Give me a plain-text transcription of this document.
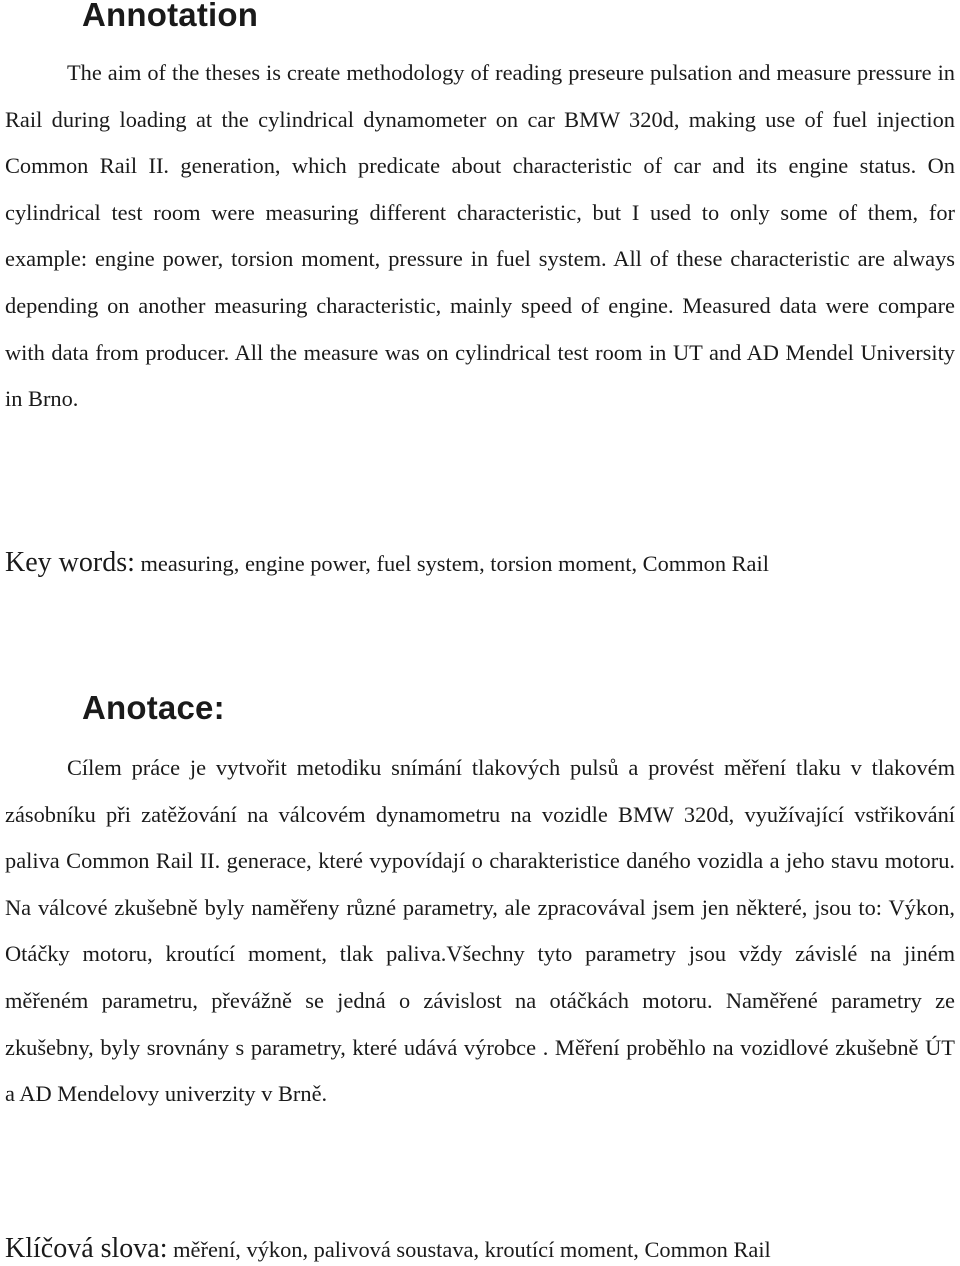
Annotation

The aim of the theses is create methodology of reading preseure pulsation and measure pressure in Rail during loading at the cylindrical dynamometer on car BMW 320d, making use of fuel injection Common Rail II. generation, which predicate about characteristic of car and its engine status. On cylindrical test room were measuring different characteristic, but I used to only some of them, for example: engine power, torsion moment, pressure in fuel system. All of these characteristic are always depending on another measuring characteristic, mainly speed of engine. Measured data were compare with data from producer. All the measure was on cylindrical test room in UT and AD Mendel University in Brno.

Key words: measuring, engine power, fuel system, torsion moment, Common Rail

Anotace:

Cílem práce je vytvořit metodiku snímání tlakových pulsů a provést měření tlaku v tlakovém zásobníku při zatěžování na válcovém dynamometru na vozidle BMW 320d, využívající vstřikování paliva Common Rail II. generace, které vypovídají o charakteristice daného vozidla a jeho stavu motoru. Na válcové zkušebně byly naměřeny různé parametry, ale zpracovával jsem jen některé, jsou to: Výkon, Otáčky motoru, kroutící moment, tlak paliva.Všechny tyto parametry jsou vždy závislé na jiném měřeném parametru, převážně se jedná o závislost na otáčkách motoru. Naměřené parametry ze zkušebny, byly srovnány s parametry, které udává výrobce . Měření proběhlo na vozidlové zkušebně ÚT a AD Mendelovy univerzity v Brně.

Klíčová slova: měření, výkon, palivová soustava, kroutící moment, Common Rail
